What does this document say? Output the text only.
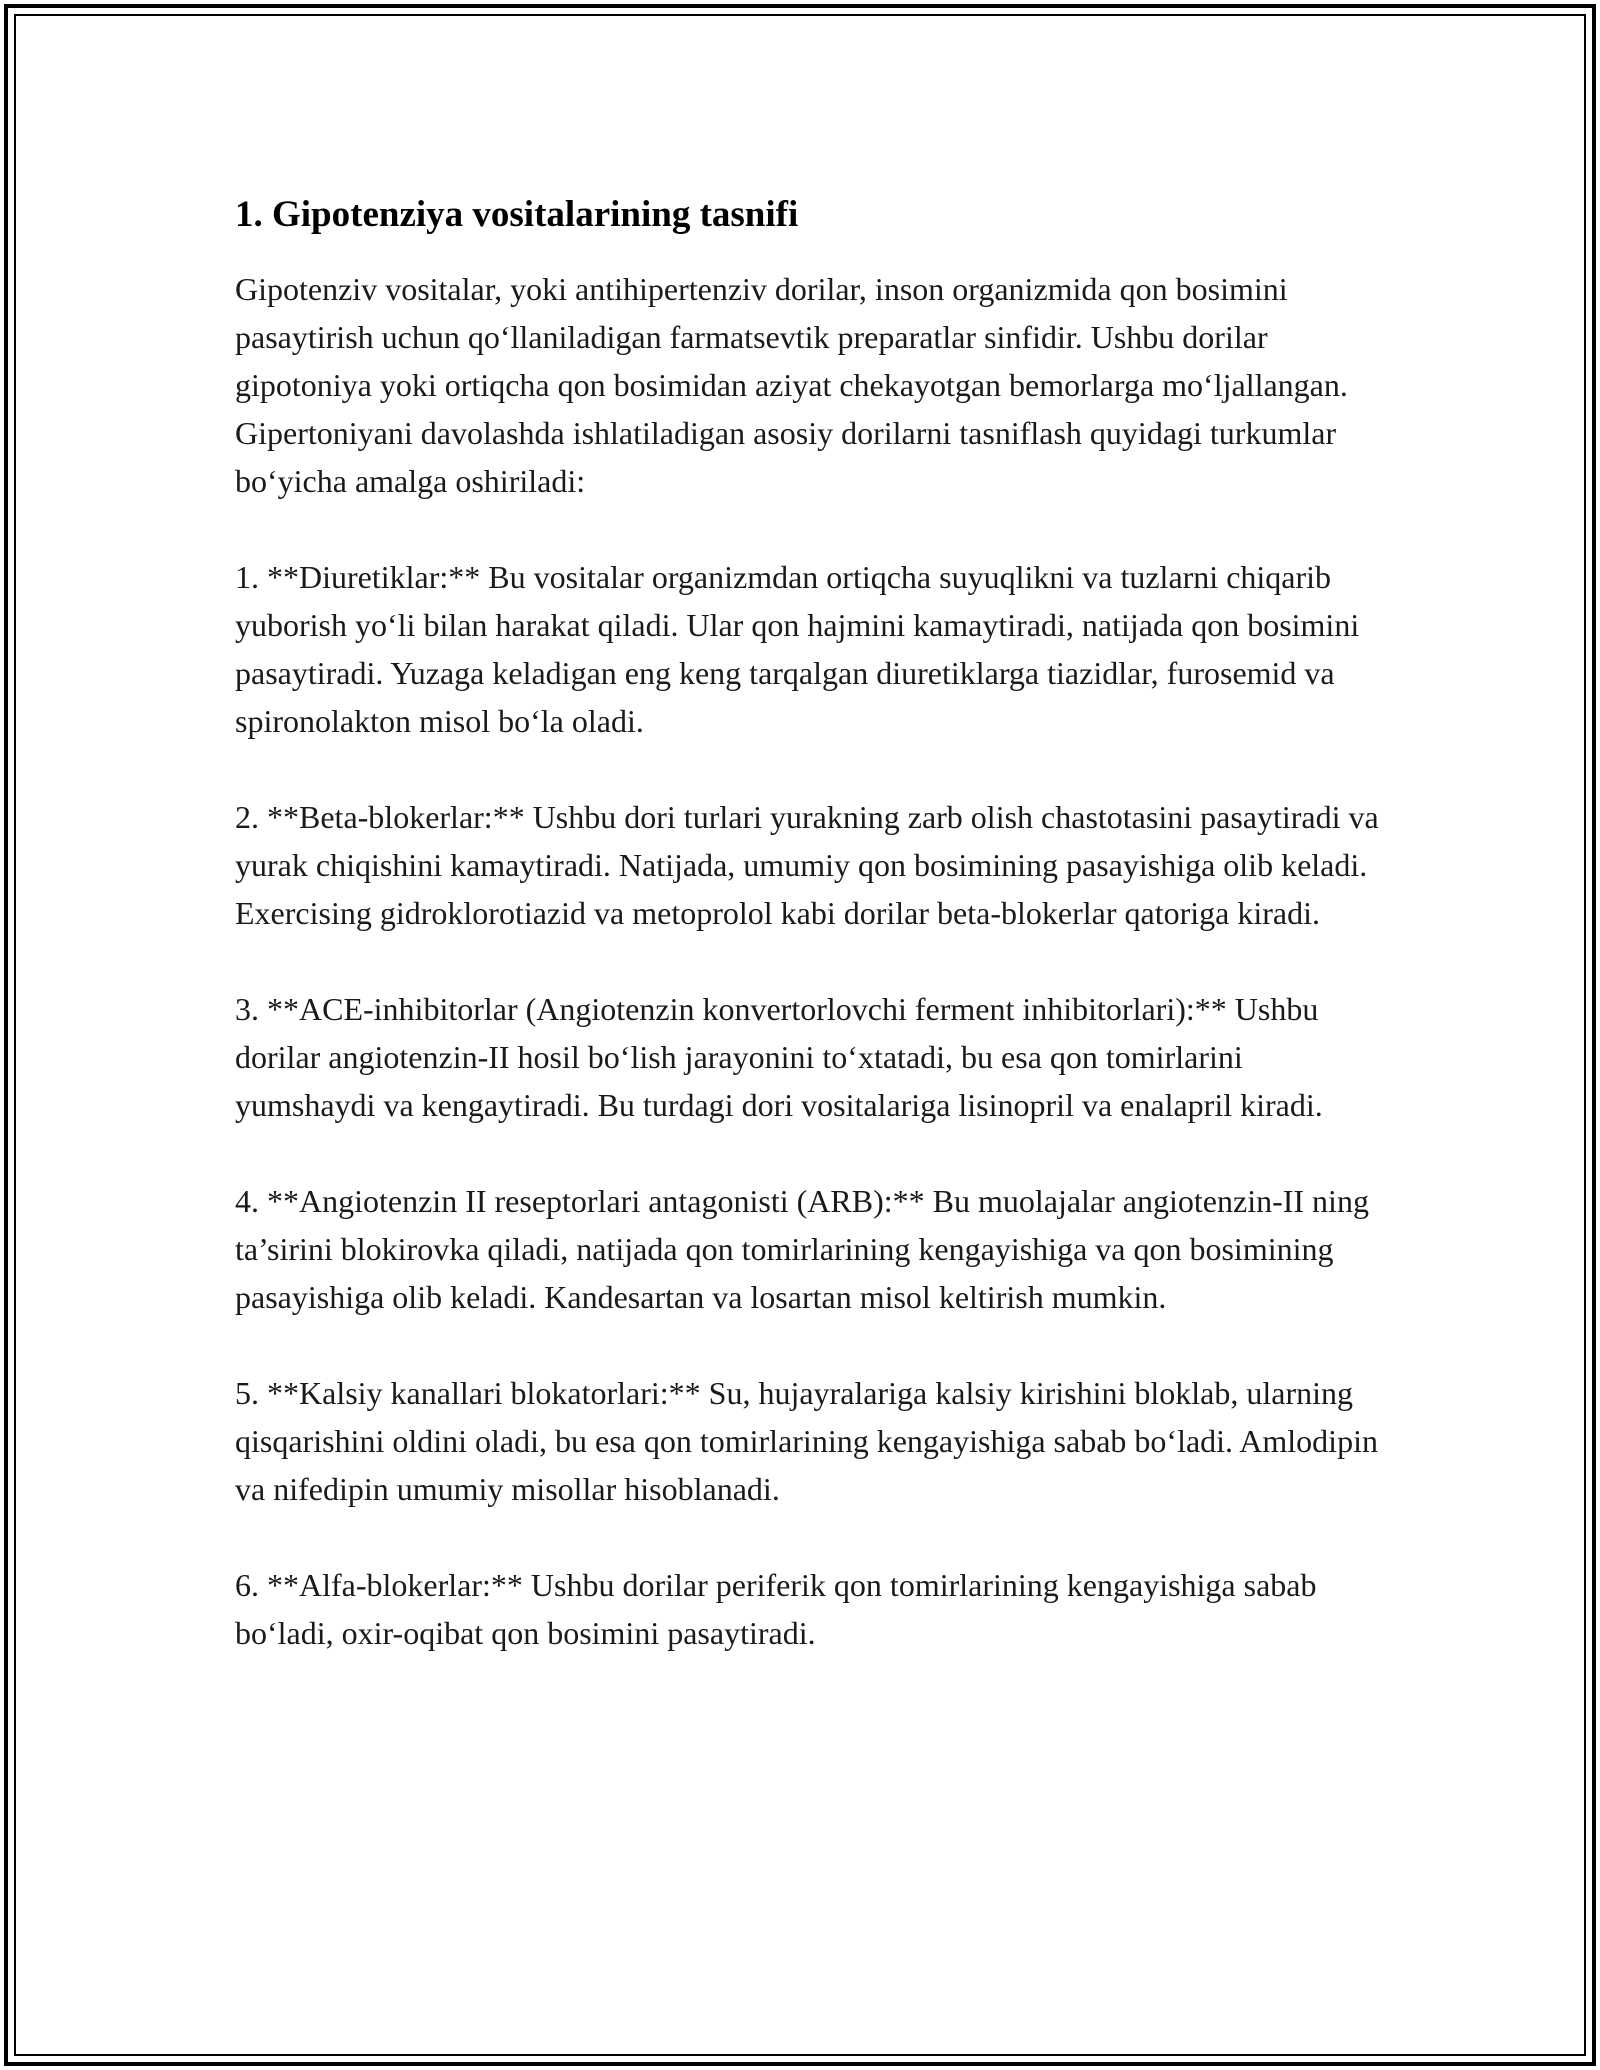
1. Gipotenziya vositalarining tasnifi

Gipotenziv vositalar, yoki antihipertenziv dorilar, inson organizmida qon bosimini pasaytirish uchun qo‘llaniladigan farmatsevtik preparatlar sinfidir. Ushbu dorilar gipotoniya yoki ortiqcha qon bosimidan aziyat chekayotgan bemorlarga mo‘ljallangan. Gipertoniyani davolashda ishlatiladigan asosiy dorilarni tasniflash quyidagi turkumlar bo‘yicha amalga oshiriladi:

1. **Diuretiklar:** Bu vositalar organizmdan ortiqcha suyuqlikni va tuzlarni chiqarib yuborish yo‘li bilan harakat qiladi. Ular qon hajmini kamaytiradi, natijada qon bosimini pasaytiradi. Yuzaga keladigan eng keng tarqalgan diuretiklarga tiazidlar, furosemid va spironolakton misol bo‘la oladi.

2. **Beta-blokerlar:** Ushbu dori turlari yurakning zarb olish chastotasini pasaytiradi va yurak chiqishini kamaytiradi. Natijada, umumiy qon bosimining pasayishiga olib keladi. Exercising gidroklorotiazid va metoprolol kabi dorilar beta-blokerlar qatoriga kiradi.

3. **ACE-inhibitorlar (Angiotenzin konvertorlovchi ferment inhibitorlari):** Ushbu dorilar angiotenzin-II hosil bo‘lish jarayonini to‘xtatadi, bu esa qon tomirlarini yumshaydi va kengaytiradi. Bu turdagi dori vositalariga lisinopril va enalapril kiradi.

4. **Angiotenzin II reseptorlari antagonisti (ARB):** Bu muolajalar angiotenzin-II ning ta’sirini blokirovka qiladi, natijada qon tomirlarining kengayishiga va qon bosimining pasayishiga olib keladi. Kandesartan va losartan misol keltirish mumkin.

5. **Kalsiy kanallari blokatorlari:** Su, hujayralariga kalsiy kirishini bloklab, ularning qisqarishini oldini oladi, bu esa qon tomirlarining kengayishiga sabab bo‘ladi. Amlodipin va nifedipin umumiy misollar hisoblanadi.

6. **Alfa-blokerlar:** Ushbu dorilar periferik qon tomirlarining kengayishiga sabab bo‘ladi, oxir-oqibat qon bosimini pasaytiradi.
